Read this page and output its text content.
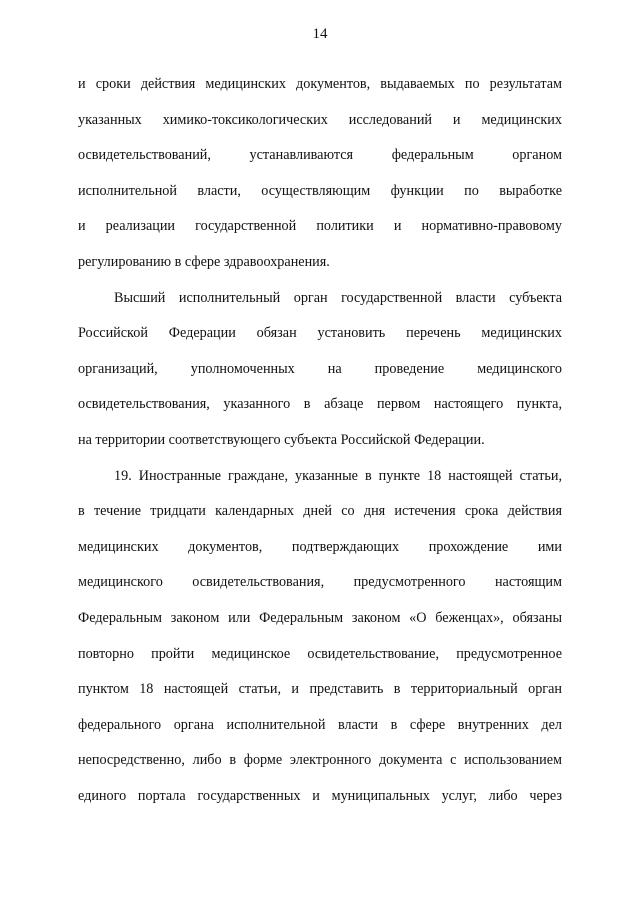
14
и сроки действия медицинских документов, выдаваемых по результатам
указанных химико-токсикологических исследований и медицинских
освидетельствований, устанавливаются федеральным органом
исполнительной власти, осуществляющим функции по выработке
и реализации государственной политики и нормативно-правовому
регулированию в сфере здравоохранения.
Высший исполнительный орган государственной власти субъекта
Российской Федерации обязан установить перечень медицинских
организаций, уполномоченных на проведение медицинского
освидетельствования, указанного в абзаце первом настоящего пункта,
на территории соответствующего субъекта Российской Федерации.
19. Иностранные граждане, указанные в пункте 18 настоящей статьи,
в течение тридцати календарных дней со дня истечения срока действия
медицинских документов, подтверждающих прохождение ими
медицинского освидетельствования, предусмотренного настоящим
Федеральным законом или Федеральным законом «О беженцах», обязаны
повторно пройти медицинское освидетельствование, предусмотренное
пунктом 18 настоящей статьи, и представить в территориальный орган
федерального органа исполнительной власти в сфере внутренних дел
непосредственно, либо в форме электронного документа с использованием
единого портала государственных и муниципальных услуг, либо через
